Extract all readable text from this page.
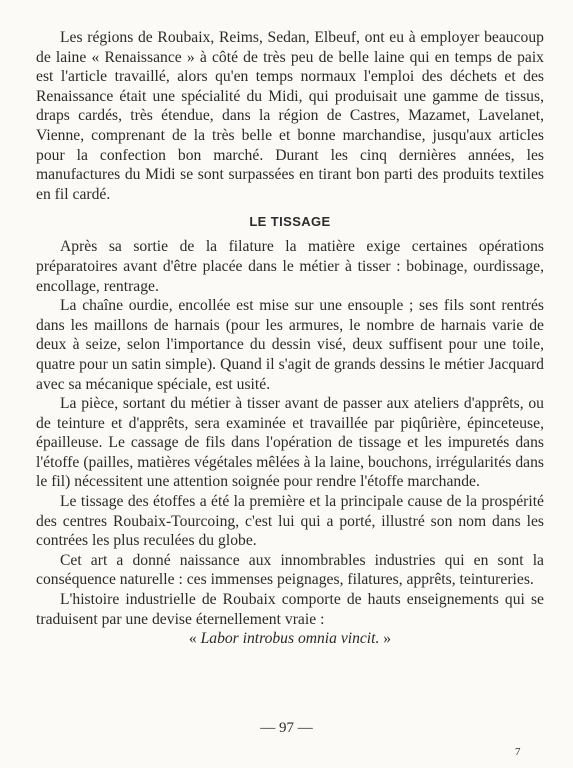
Les régions de Roubaix, Reims, Sedan, Elbeuf, ont eu à employer beaucoup de laine « Renaissance » à côté de très peu de belle laine qui en temps de paix est l'article travaillé, alors qu'en temps normaux l'emploi des déchets et des Renaissance était une spécialité du Midi, qui produisait une gamme de tissus, draps cardés, très étendue, dans la région de Castres, Mazamet, Lavelanet, Vienne, comprenant de la très belle et bonne marchandise, jusqu'aux articles pour la confection bon marché. Durant les cinq dernières années, les manufactures du Midi se sont surpassées en tirant bon parti des produits textiles en fil cardé.

LE TISSAGE

Après sa sortie de la filature la matière exige certaines opérations préparatoires avant d'être placée dans le métier à tisser : bobinage, ourdissage, encollage, rentrage.

La chaîne ourdie, encollée est mise sur une ensouple ; ses fils sont rentrés dans les maillons de harnais (pour les armures, le nombre de harnais varie de deux à seize, selon l'importance du dessin visé, deux suffisent pour une toile, quatre pour un satin simple). Quand il s'agit de grands dessins le métier Jacquard avec sa mécanique spéciale, est usité.

La pièce, sortant du métier à tisser avant de passer aux ateliers d'apprêts, ou de teinture et d'apprêts, sera examinée et travaillée par piqûrière, épinceteuse, épailleuse. Le cassage de fils dans l'opération de tissage et les impuretés dans l'étoffe (pailles, matières végétales mêlées à la laine, bouchons, irrégularités dans le fil) nécessitent une attention soignée pour rendre l'étoffe marchande.

Le tissage des étoffes a été la première et la principale cause de la prospérité des centres Roubaix-Tourcoing, c'est lui qui a porté, illustré son nom dans les contrées les plus reculées du globe.

Cet art a donné naissance aux innombrables industries qui en sont la conséquence naturelle : ces immenses peignages, filatures, apprêts, teintureries.

L'histoire industrielle de Roubaix comporte de hauts enseignements qui se traduisent par une devise éternellement vraie :

« Labor introbus omnia vincit. »

— 97 —
7
